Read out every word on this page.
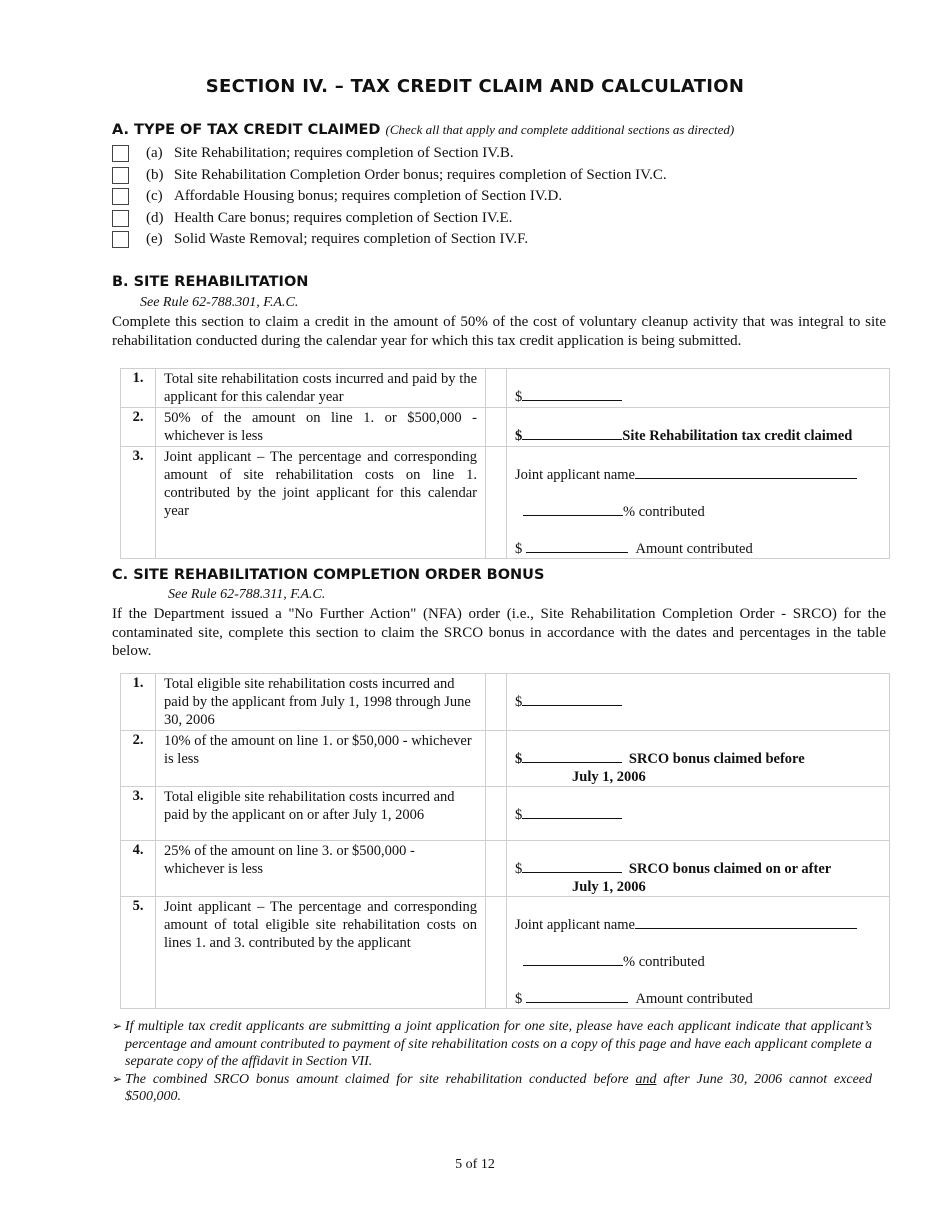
SECTION IV. – TAX CREDIT CLAIM AND CALCULATION
A. TYPE OF TAX CREDIT CLAIMED (Check all that apply and complete additional sections as directed)
(a) Site Rehabilitation; requires completion of Section IV.B.
(b) Site Rehabilitation Completion Order bonus; requires completion of Section IV.C.
(c) Affordable Housing bonus; requires completion of Section IV.D.
(d) Health Care bonus; requires completion of Section IV.E.
(e) Solid Waste Removal; requires completion of Section IV.F.
B. SITE REHABILITATION
See Rule 62-788.301, F.A.C.

Complete this section to claim a credit in the amount of 50% of the cost of voluntary cleanup activity that was integral to site rehabilitation conducted during the calendar year for which this tax credit application is being submitted.

1.	Total site rehabilitation costs incurred and paid by the applicant for this calendar year		$

2.	50% of the amount on line 1. or $500,000 - whichever is less		$ Site Rehabilitation tax credit claimed

3.	Joint applicant – The percentage and corresponding amount of site rehabilitation costs on line 1. contributed by the joint applicant for this calendar year		Joint applicant name
% contributed
$ Amount contributed
C. SITE REHABILITATION COMPLETION ORDER BONUS
See Rule 62-788.311, F.A.C.

If the Department issued a "No Further Action" (NFA) order (i.e., Site Rehabilitation Completion Order - SRCO) for the contaminated site, complete this section to claim the SRCO bonus in accordance with the dates and percentages in the table below.

1.	Total eligible site rehabilitation costs incurred and paid by the applicant from July 1, 1998 through June 30, 2006		$

2.	10% of the amount on line 1. or $50,000 - whichever is less		$ SRCO bonus claimed before
July 1, 2006

3.	Total eligible site rehabilitation costs incurred and paid by the applicant on or after July 1, 2006		$

4.	25% of the amount on line 3. or $500,000 - whichever is less		$ SRCO bonus claimed on or after
July 1, 2006

5.	Joint applicant – The percentage and corresponding amount of total eligible site rehabilitation costs on lines 1. and 3. contributed by the applicant		Joint applicant name
% contributed
$ Amount contributed
➢ If multiple tax credit applicants are submitting a joint application for one site, please have each applicant indicate that applicant’s percentage and amount contributed to payment of site rehabilitation costs on a copy of this page and have each applicant complete a separate copy of the affidavit in Section VII.
➢ The combined SRCO bonus amount claimed for site rehabilitation conducted before and after June 30, 2006 cannot exceed $500,000.
5 of 12
